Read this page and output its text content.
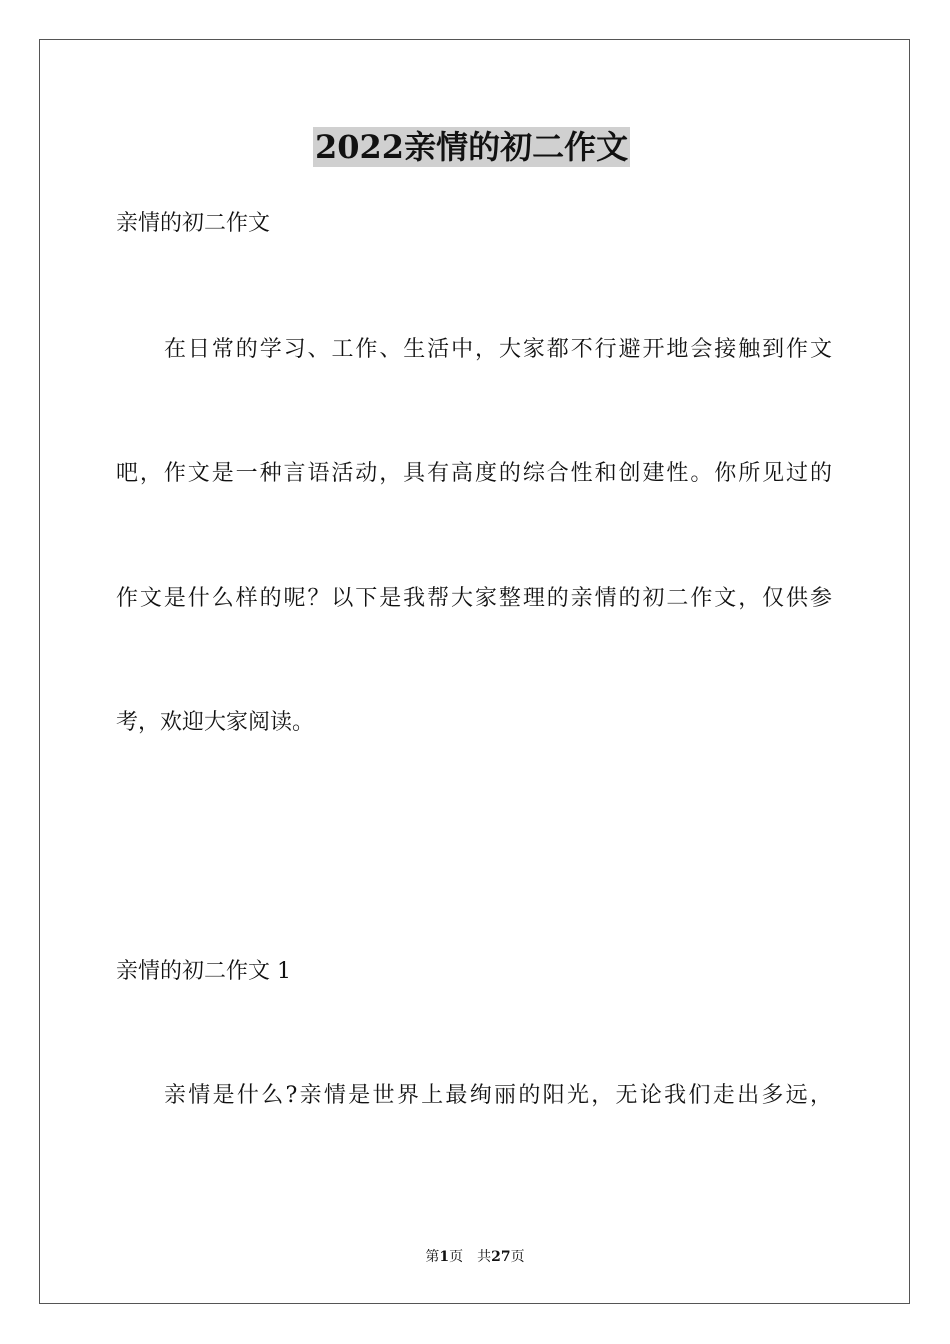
2022亲情的初二作文
亲情的初二作文
在日常的学习、工作、生活中，大家都不行避开地会接触到作文
吧，作文是一种言语活动，具有高度的综合性和创建性。你所见过的
作文是什么样的呢？以下是我帮大家整理的亲情的初二作文，仅供参
考，欢迎大家阅读。
亲情的初二作文 1
亲情是什么?亲情是世界上最绚丽的阳光，无论我们走出多远，
第1页 共27页
